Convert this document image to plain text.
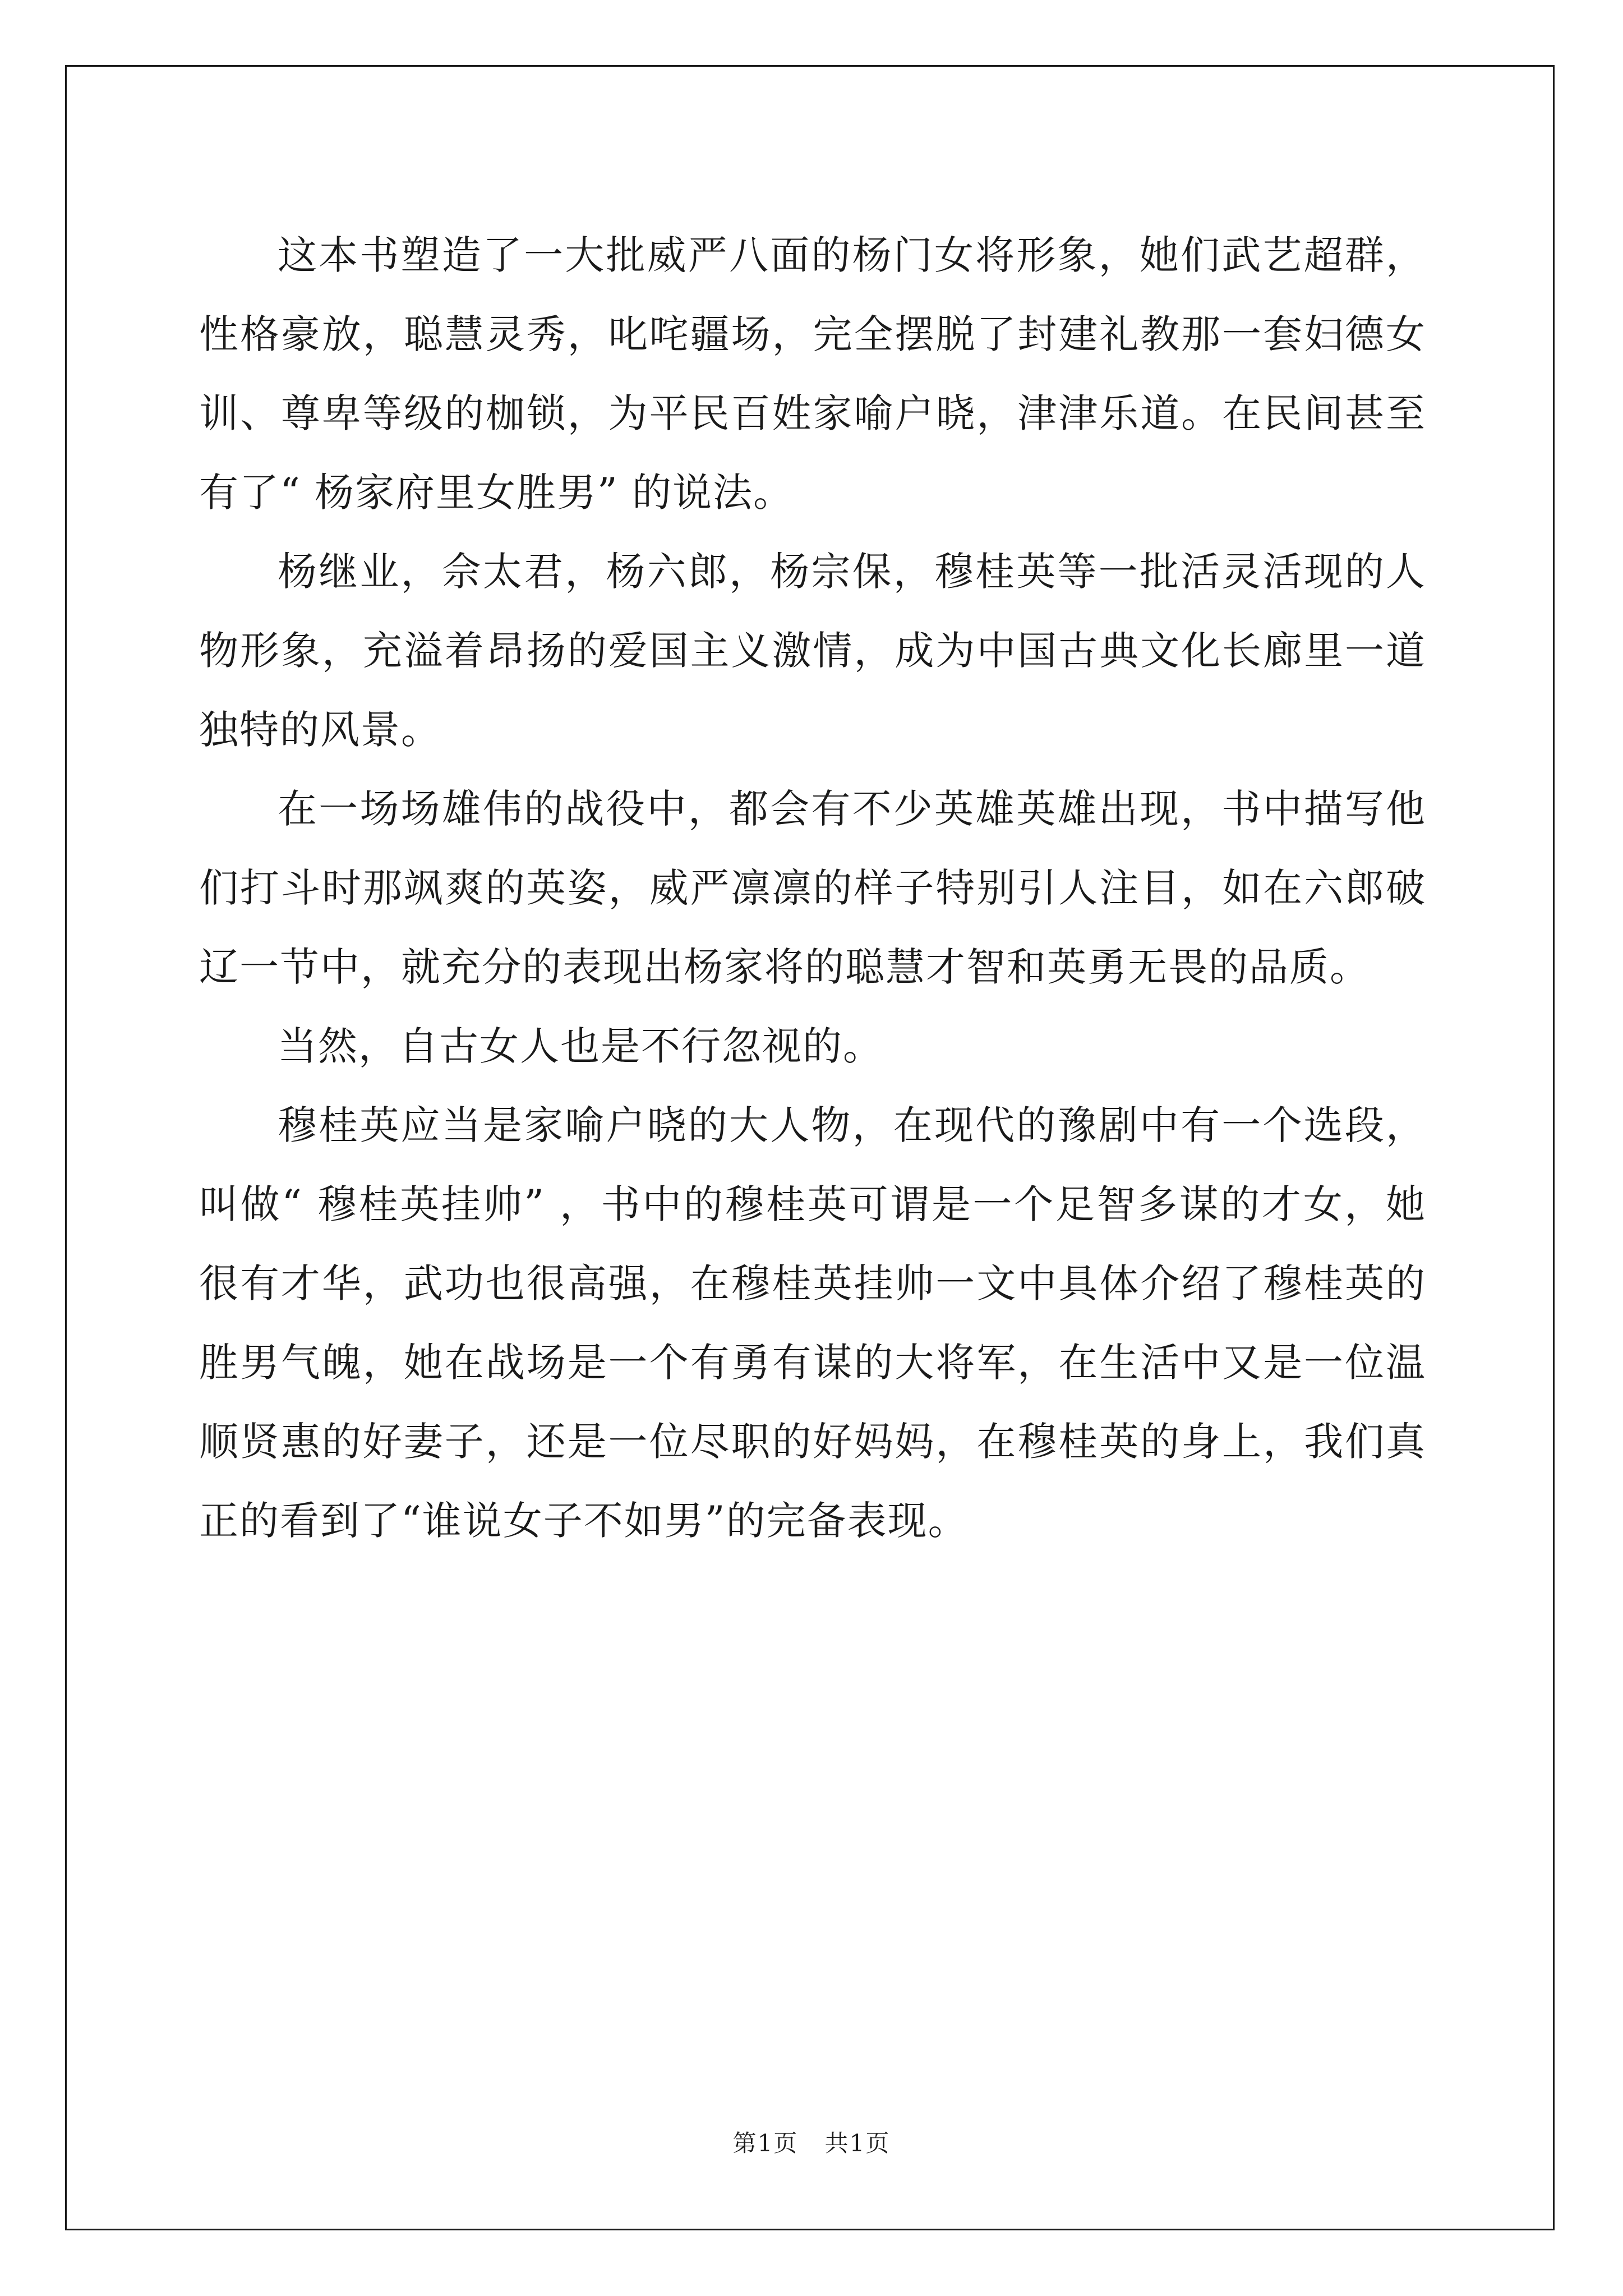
这本书塑造了一大批威严八面的杨门女将形象，她们武艺超群，性格豪放，聪慧灵秀，叱咤疆场，完全摆脱了封建礼教那一套妇德女训、尊卑等级的枷锁，为平民百姓家喻户晓，津津乐道。在民间甚至有了“ 杨家府里女胜男” 的说法。

杨继业，佘太君，杨六郎，杨宗保，穆桂英等一批活灵活现的人物形象，充溢着昂扬的爱国主义激情，成为中国古典文化长廊里一道独特的风景。

在一场场雄伟的战役中，都会有不少英雄英雄出现，书中描写他们打斗时那飒爽的英姿，威严凛凛的样子特别引人注目，如在六郎破辽一节中，就充分的表现出杨家将的聪慧才智和英勇无畏的品质。

当然，自古女人也是不行忽视的。

穆桂英应当是家喻户晓的大人物，在现代的豫剧中有一个选段，叫做“ 穆桂英挂帅” ，书中的穆桂英可谓是一个足智多谋的才女，她很有才华，武功也很高强，在穆桂英挂帅一文中具体介绍了穆桂英的胜男气魄，她在战场是一个有勇有谋的大将军，在生活中又是一位温顺贤惠的好妻子，还是一位尽职的好妈妈，在穆桂英的身上，我们真正的看到了“谁说女子不如男”的完备表现。

第1页 共1页
